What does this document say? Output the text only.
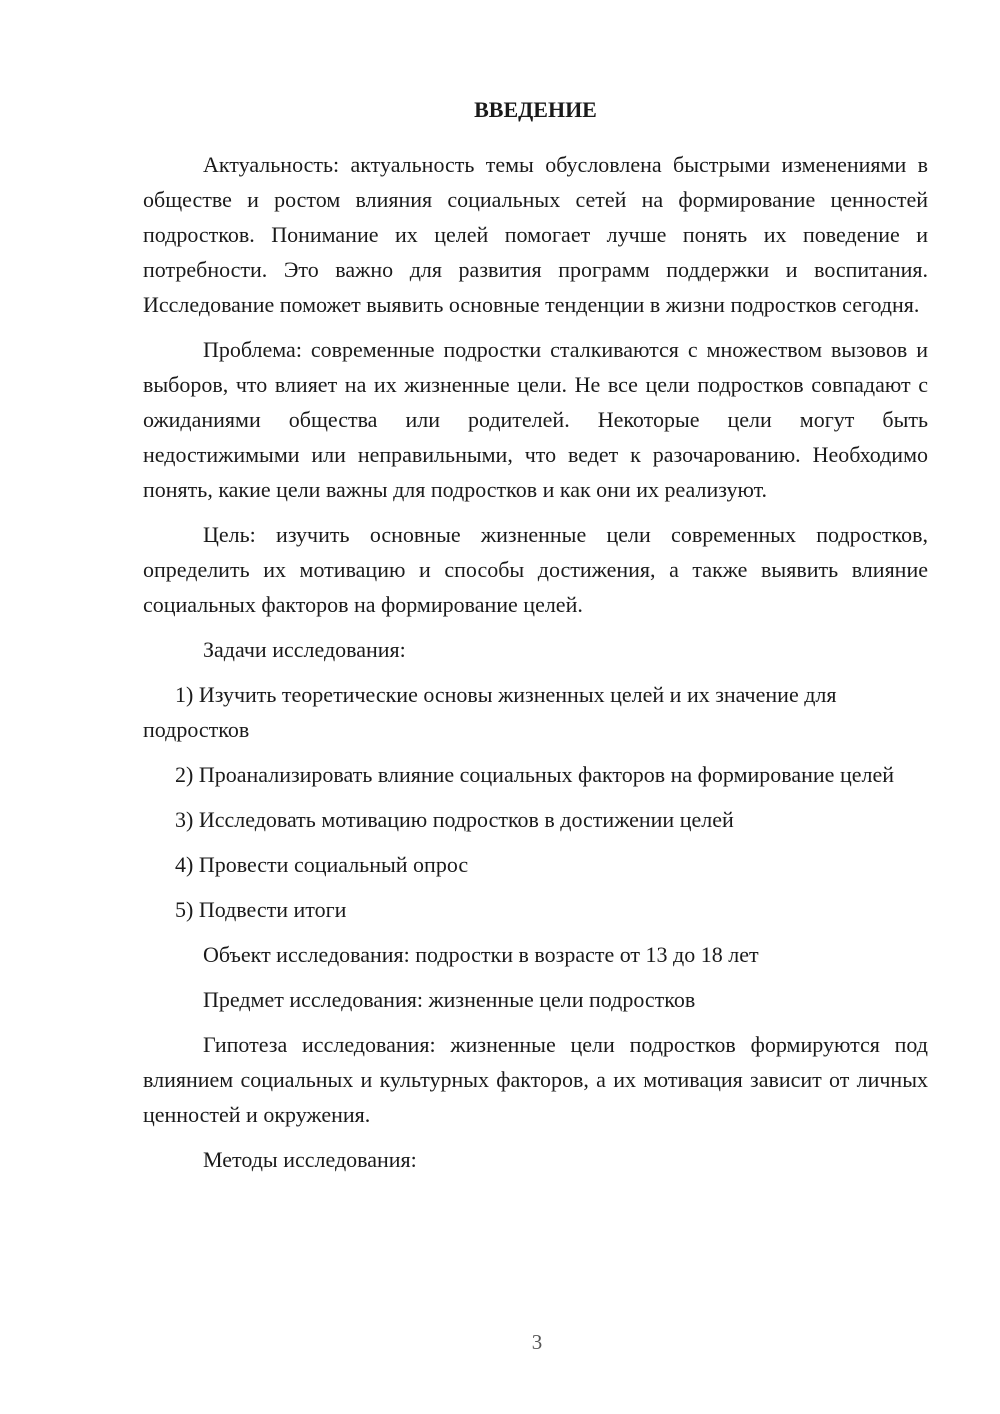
ВВЕДЕНИЕ

Актуальность: актуальность темы обусловлена быстрыми изменениями в обществе и ростом влияния социальных сетей на формирование ценностей подростков. Понимание их целей помогает лучше понять их поведение и потребности. Это важно для развития программ поддержки и воспитания. Исследование поможет выявить основные тенденции в жизни подростков сегодня.

Проблема: современные подростки сталкиваются с множеством вызовов и выборов, что влияет на их жизненные цели. Не все цели подростков совпадают с ожиданиями общества или родителей. Некоторые цели могут быть недостижимыми или неправильными, что ведет к разочарованию. Необходимо понять, какие цели важны для подростков и как они их реализуют.

Цель: изучить основные жизненные цели современных подростков, определить их мотивацию и способы достижения, а также выявить влияние социальных факторов на формирование целей.

Задачи исследования:

1) Изучить теоретические основы жизненных целей и их значение для подростков

2) Проанализировать влияние социальных факторов на формирование целей

3) Исследовать мотивацию подростков в достижении целей

4) Провести социальный опрос

5) Подвести итоги

Объект исследования: подростки в возрасте от 13 до 18 лет

Предмет исследования: жизненные цели подростков

Гипотеза исследования: жизненные цели подростков формируются под влиянием социальных и культурных факторов, а их мотивация зависит от личных ценностей и окружения.

Методы исследования:

3
